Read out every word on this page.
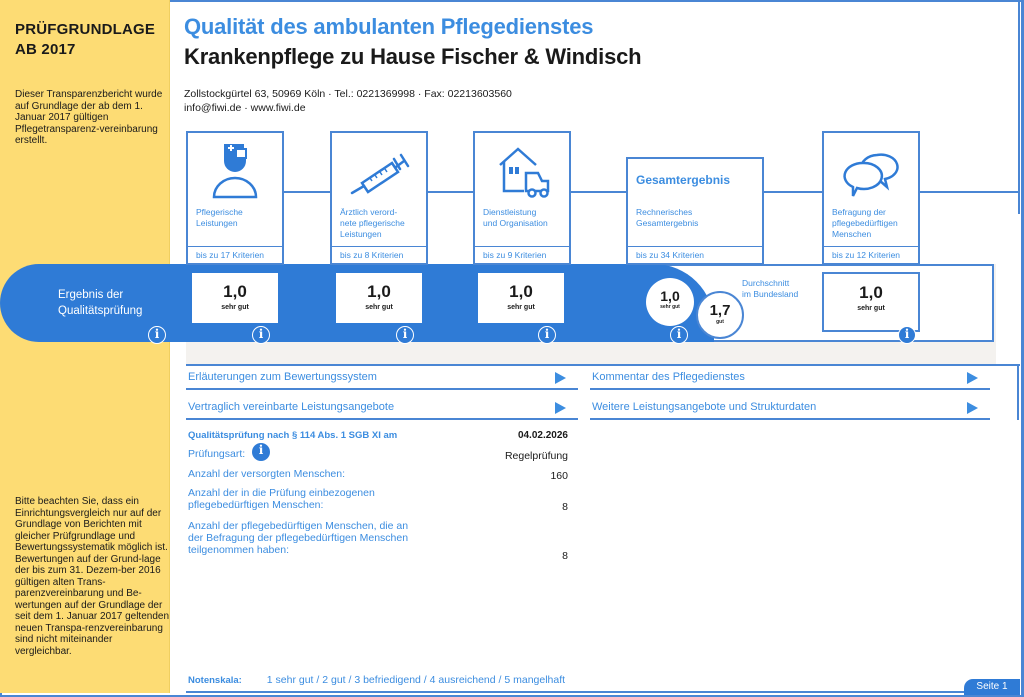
PRÜFGRUNDLAGE
AB 2017
Dieser Transparenzbericht wurde auf Grundlage der ab dem 1. Januar 2017 gültigen Pflegetransparenz-vereinbarung erstellt.
Bitte beachten Sie, dass ein Einrichtungsvergleich nur auf der Grundlage von Berichten mit gleicher Prüfgrundlage und Bewertungssystematik möglich ist. Bewertungen auf der Grund-lage der bis zum 31. Dezem-ber 2016 gültigen alten Trans-parenzvereinbarung und Be-wertungen auf der Grundlage der seit dem 1. Januar 2017 geltenden neuen Transpa-renzvereinbarung sind nicht miteinander vergleichbar.
Qualität des ambulanten Pflegedienstes
Krankenpflege zu Hause Fischer & Windisch
Zollstockgürtel 63, 50969 Köln · Tel.: 0221369998 · Fax: 02213603560
info@fiwi.de · www.fiwi.de
Ergebnis der
Qualitätsprüfung
i
Pflegerische
Leistungen
bis zu 17 Kriterien
Ärztlich verord-
nete pflegerische
Leistungen
bis zu 8 Kriterien
Dienstleistung
und Organisation
bis zu 9 Kriterien
Gesamtergebnis
Rechnerisches
Gesamtergebnis
bis zu 34 Kriterien
Befragung der
pflegebedürftigen
Menschen
bis zu 12 Kriterien
1,0
sehr gut
i
1,0
sehr gut
i
1,0
sehr gut
i
1,0
sehr gut
i
1,7
gut
Durchschnitt
im Bundesland	1,0
sehr gut
i
Erläuterungen zum Bewertungssystem	Kommentar des Pflegedienstes
Vertraglich vereinbarte Leistungsangebote	Weitere Leistungsangebote und Strukturdaten
Qualitätsprüfung nach § 114 Abs. 1 SGB XI am	04.02.2026
Prüfungsart:	i	Regelprüfung
Anzahl der versorgten Menschen:	160
Anzahl der in die Prüfung einbezogenen
pflegebedürftigen Menschen:	8
Anzahl der pflegebedürftigen Menschen, die an
der Befragung der pflegebedürftigen Menschen
teilgenommen haben:	8
Notenskala: 1 sehr gut / 2 gut / 3 befriedigend / 4 ausreichend / 5 mangelhaft
Seite 1
